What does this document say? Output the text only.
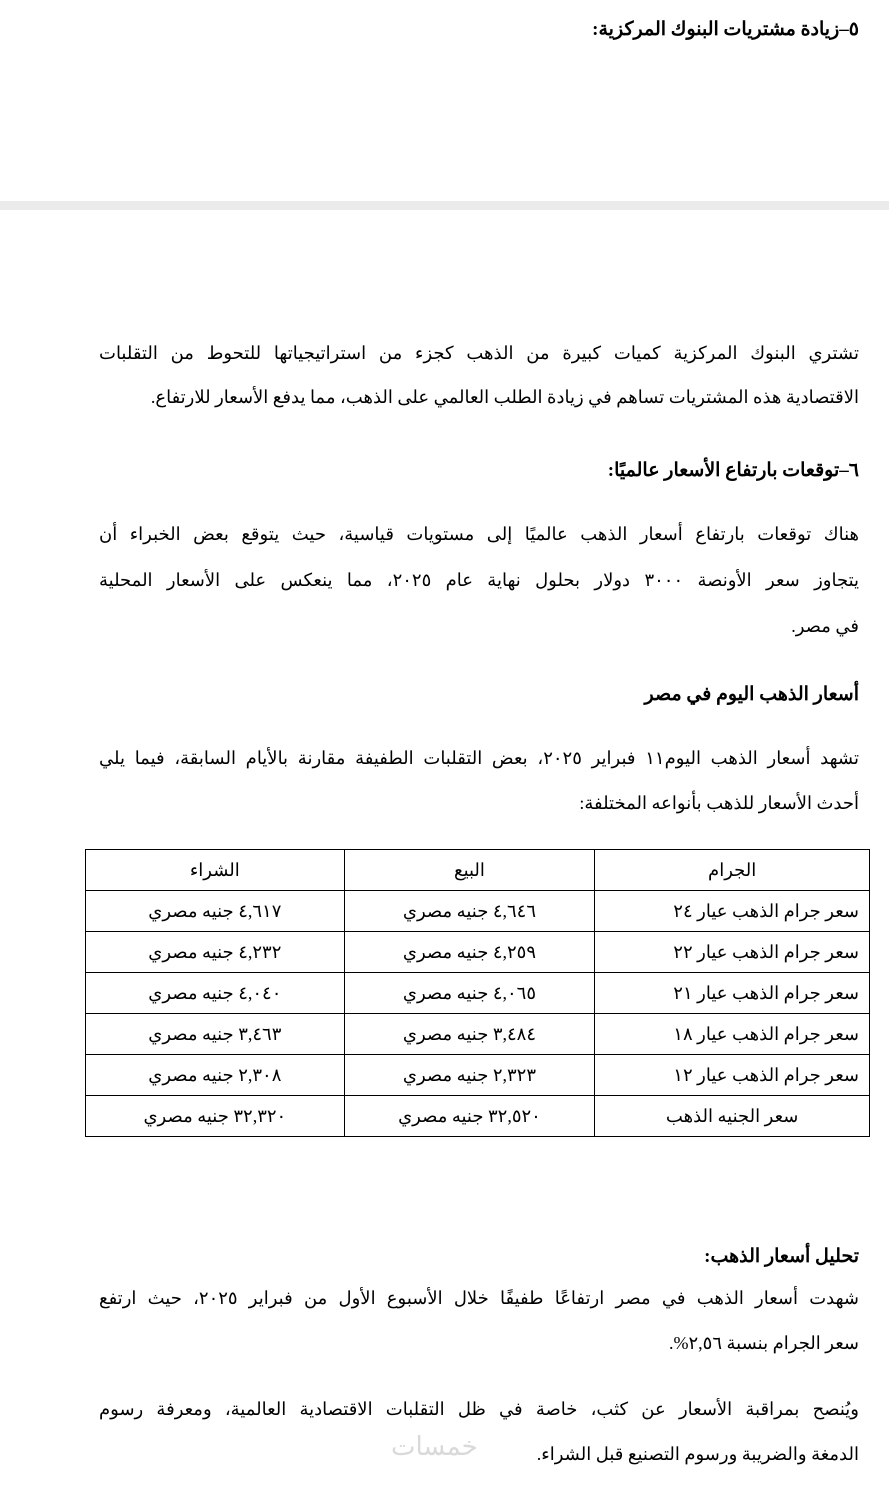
٥–زيادة مشتريات البنوك المركزية:
تشتري البنوك المركزية كميات كبيرة من الذهب كجزء من استراتيجياتها للتحوط من التقلبات
الاقتصادية هذه المشتريات تساهم في زيادة الطلب العالمي على الذهب، مما يدفع الأسعار للارتفاع.
٦–توقعات بارتفاع الأسعار عالميًا:
هناك توقعات بارتفاع أسعار الذهب عالميًا إلى مستويات قياسية، حيث يتوقع بعض الخبراء أن
يتجاوز سعر الأونصة ٣٠٠٠ دولار بحلول نهاية عام ٢٠٢٥، مما ينعكس على الأسعار المحلية
في مصر.
أسعار الذهب اليوم في مصر
تشهد أسعار الذهب اليوم١١ فبراير ٢٠٢٥، بعض التقلبات الطفيفة مقارنة بالأيام السابقة، فيما يلي
أحدث الأسعار للذهب بأنواعه المختلفة:
الجرام	البيع	الشراء
سعر جرام الذهب عيار ٢٤	٤,٦٤٦ جنيه مصري	٤,٦١٧ جنيه مصري
سعر جرام الذهب عيار ٢٢	٤,٢٥٩ جنيه مصري	٤,٢٣٢ جنيه مصري
سعر جرام الذهب عيار ٢١	٤,٠٦٥ جنيه مصري	٤,٠٤٠ جنيه مصري
سعر جرام الذهب عيار ١٨	٣,٤٨٤ جنيه مصري	٣,٤٦٣ جنيه مصري
سعر جرام الذهب عيار ١٢	٢,٣٢٣ جنيه مصري	٢,٣٠٨ جنيه مصري
سعر الجنيه الذهب	٣٢,٥٢٠ جنيه مصري	٣٢,٣٢٠ جنيه مصري
تحليل أسعار الذهب:
شهدت أسعار الذهب في مصر ارتفاعًا طفيفًا خلال الأسبوع الأول من فبراير ٢٠٢٥، حيث ارتفع
سعر الجرام بنسبة ٢,٥٦%.
ويُنصح بمراقبة الأسعار عن كثب، خاصة في ظل التقلبات الاقتصادية العالمية، ومعرفة رسوم
الدمغة والضريبة ورسوم التصنيع قبل الشراء.
خمسات
